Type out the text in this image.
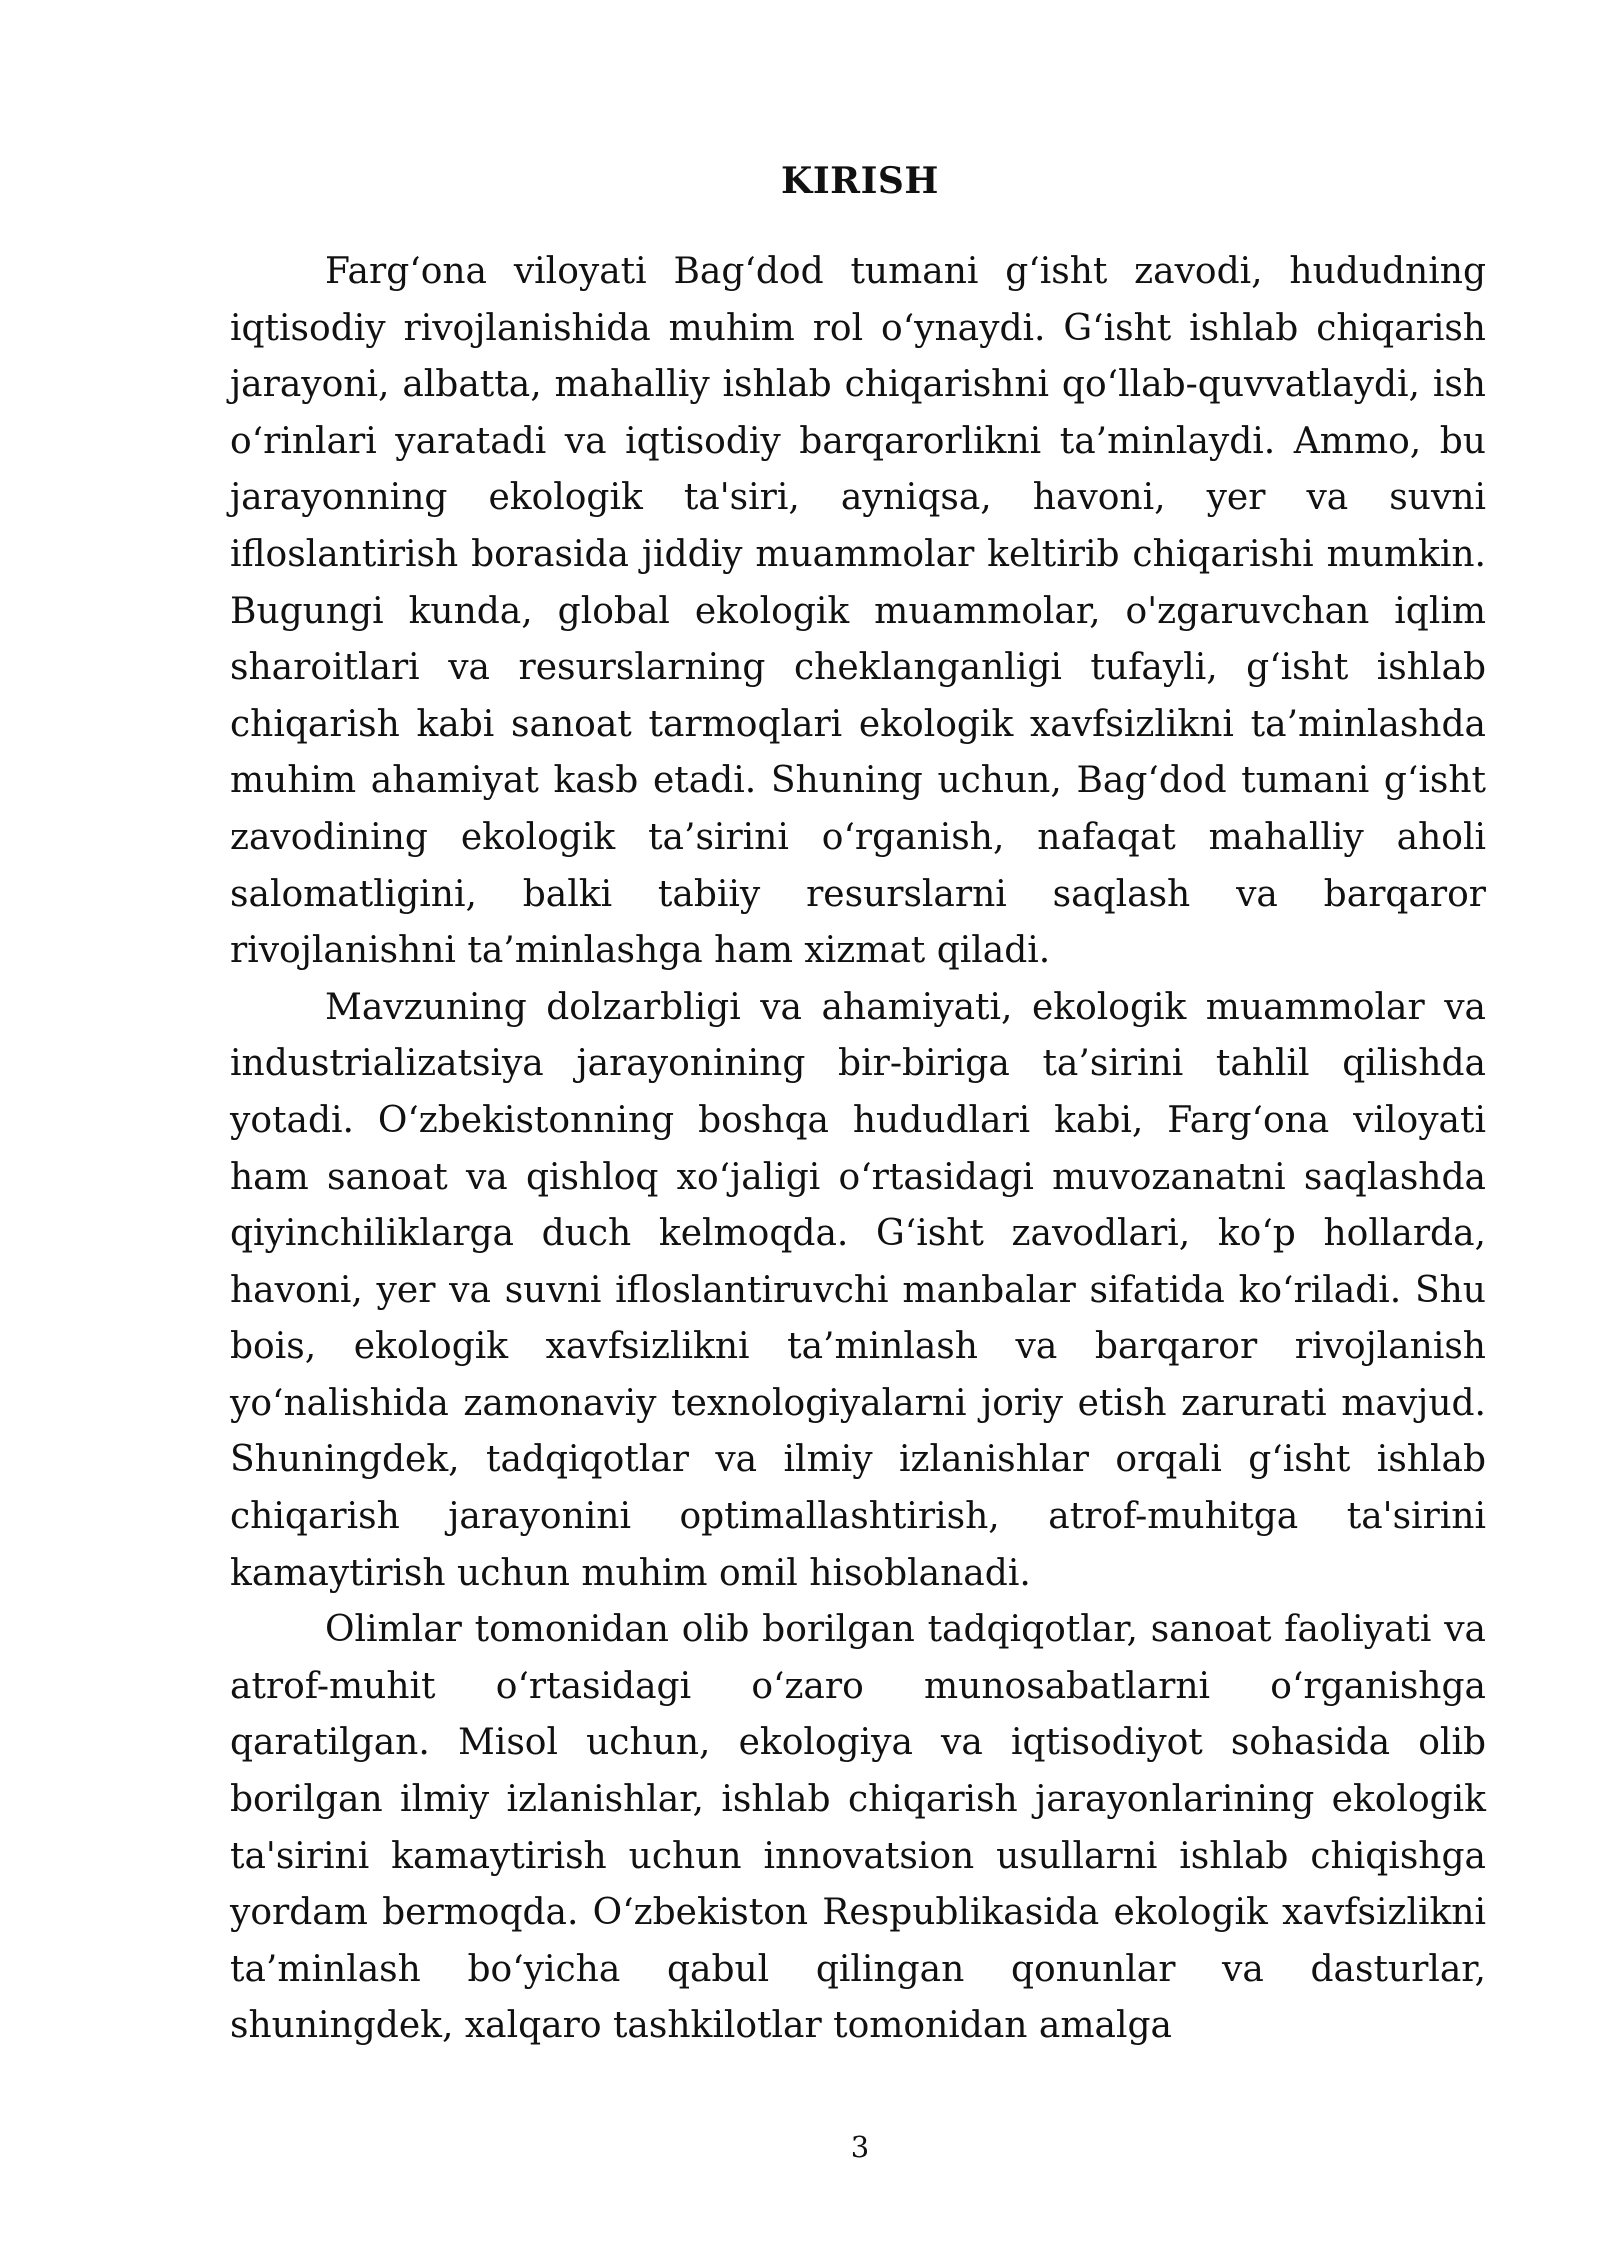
KIRISH

Farg‘ona viloyati Bag‘dod tumani g‘isht zavodi, hududning iqtisodiy rivojlanishida muhim rol o‘ynaydi. G‘isht ishlab chiqarish jarayoni, albatta, mahalliy ishlab chiqarishni qo‘llab-quvvatlaydi, ish o‘rinlari yaratadi va iqtisodiy barqarorlikni ta’minlaydi. Ammo, bu jarayonning ekologik ta'siri, ayniqsa, havoni, yer va suvni ifloslantirish borasida jiddiy muammolar keltirib chiqarishi mumkin. Bugungi kunda, global ekologik muammolar, o'zgaruvchan iqlim sharoitlari va resurslarning cheklanganligi tufayli, g‘isht ishlab chiqarish kabi sanoat tarmoqlari ekologik xavfsizlikni ta’minlashda muhim ahamiyat kasb etadi. Shuning uchun, Bag‘dod tumani g‘isht zavodining ekologik ta’sirini o‘rganish, nafaqat mahalliy aholi salomatligini, balki tabiiy resurslarni saqlash va barqaror rivojlanishni ta’minlashga ham xizmat qiladi.

Mavzuning dolzarbligi va ahamiyati, ekologik muammolar va industrializatsiya jarayonining bir-biriga ta’sirini tahlil qilishda yotadi. O‘zbekistonning boshqa hududlari kabi, Farg‘ona viloyati ham sanoat va qishloq xo‘jaligi o‘rtasidagi muvozanatni saqlashda qiyinchiliklarga duch kelmoqda. G‘isht zavodlari, ko‘p hollarda, havoni, yer va suvni ifloslantiruvchi manbalar sifatida ko‘riladi. Shu bois, ekologik xavfsizlikni ta’minlash va barqaror rivojlanish yo‘nalishida zamonaviy texnologiyalarni joriy etish zarurati mavjud. Shuningdek, tadqiqotlar va ilmiy izlanishlar orqali g‘isht ishlab chiqarish jarayonini optimallashtirish, atrof-muhitga ta'sirini kamaytirish uchun muhim omil hisoblanadi.

Olimlar tomonidan olib borilgan tadqiqotlar, sanoat faoliyati va atrof-muhit o‘rtasidagi o‘zaro munosabatlarni o‘rganishga qaratilgan. Misol uchun, ekologiya va iqtisodiyot sohasida olib borilgan ilmiy izlanishlar, ishlab chiqarish jarayonlarining ekologik ta'sirini kamaytirish uchun innovatsion usullarni ishlab chiqishga yordam bermoqda. O‘zbekiston Respublikasida ekologik xavfsizlikni ta’minlash bo‘yicha qabul qilingan qonunlar va dasturlar, shuningdek, xalqaro tashkilotlar tomonidan amalga

3
